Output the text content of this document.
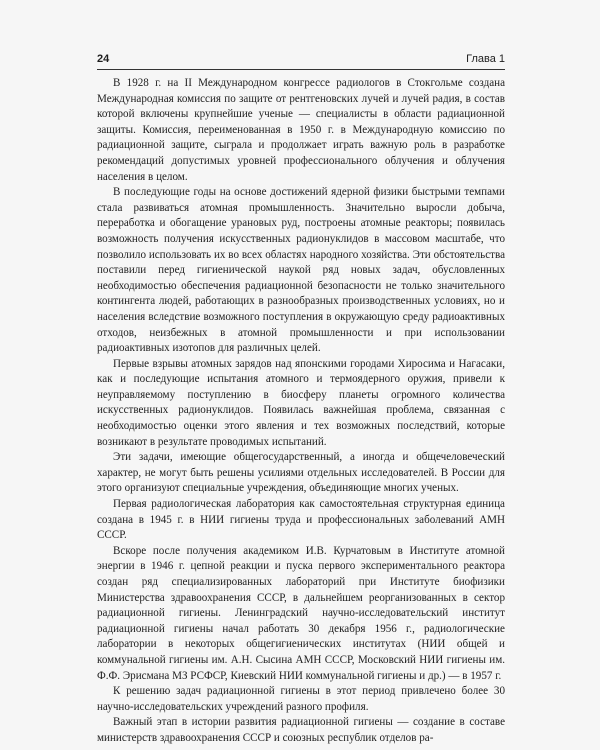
24	Глава 1

В 1928 г. на II Международном конгрессе радиологов в Стокгольме создана Международная комиссия по защите от рентгеновских лучей и лучей радия, в состав которой включены крупнейшие ученые — специалисты в области радиационной защиты. Комиссия, переименованная в 1950 г. в Международную комиссию по радиационной защите, сыграла и продолжает играть важную роль в разработке рекомендаций допустимых уровней профессионального облучения и облучения населения в целом.

В последующие годы на основе достижений ядерной физики быстрыми темпами стала развиваться атомная промышленность. Значительно выросли добыча, переработка и обогащение урановых руд, построены атомные реакторы; появилась возможность получения искусственных радионуклидов в массовом масштабе, что позволило использовать их во всех областях народного хозяйства. Эти обстоятельства поставили перед гигиенической наукой ряд новых задач, обусловленных необходимостью обеспечения радиационной безопасности не только значительного контингента людей, работающих в разнообразных производственных условиях, но и населения вследствие возможного поступления в окружающую среду радиоактивных отходов, неизбежных в атомной промышленности и при использовании радиоактивных изотопов для различных целей.

Первые взрывы атомных зарядов над японскими городами Хиросима и Нагасаки, как и последующие испытания атомного и термоядерного оружия, привели к неуправляемому поступлению в биосферу планеты огромного количества искусственных радионуклидов. Появилась важнейшая проблема, связанная с необходимостью оценки этого явления и тех возможных последствий, которые возникают в результате проводимых испытаний.

Эти задачи, имеющие общегосударственный, а иногда и общечеловеческий характер, не могут быть решены усилиями отдельных исследователей. В России для этого организуют специальные учреждения, объединяющие многих ученых.

Первая радиологическая лаборатория как самостоятельная структурная единица создана в 1945 г. в НИИ гигиены труда и профессиональных заболеваний АМН СССР.

Вскоре после получения академиком И.В. Курчатовым в Институте атомной энергии в 1946 г. цепной реакции и пуска первого экспериментального реактора создан ряд специализированных лабораторий при Институте биофизики Министерства здравоохранения СССР, в дальнейшем реорганизованных в сектор радиационной гигиены. Ленинградский научно-исследовательский институт радиационной гигиены начал работать 30 декабря 1956 г., радиологические лаборатории в некоторых общегигиенических институтах (НИИ общей и коммунальной гигиены им. А.Н. Сысина АМН СССР, Московский НИИ гигиены им. Ф.Ф. Эрисмана МЗ РСФСР, Киевский НИИ коммунальной гигиены и др.) — в 1957 г.

К решению задач радиационной гигиены в этот период привлечено более 30 научно-исследовательских учреждений разного профиля.

Важный этап в истории развития радиационной гигиены — создание в составе министерств здравоохранения СССР и союзных республик отделов ра-
